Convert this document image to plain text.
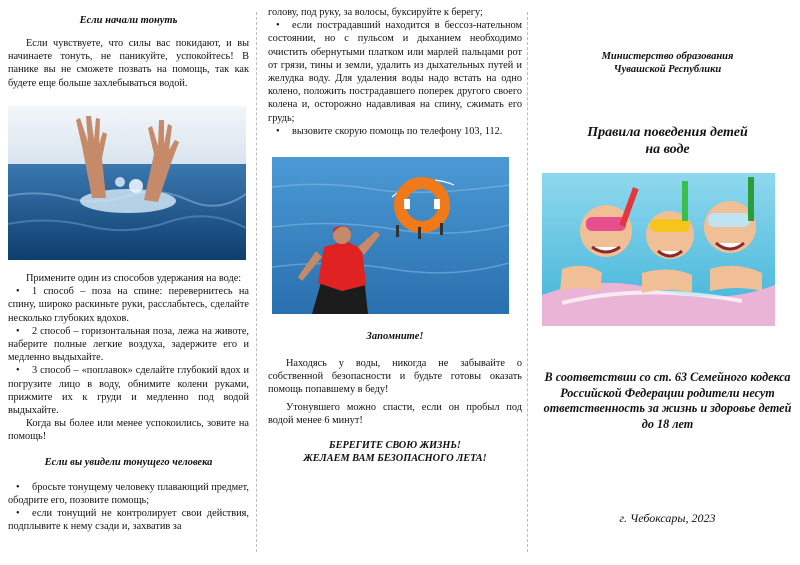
Если начали тонуть

Если чувствуете, что силы вас покидают, и вы начинаете тонуть, не паникуйте, успокойтесь! В панике вы не сможете позвать на помощь, так как будете еще больше захлебываться водой.

Примените один из способов удержания на воде:

• 1 способ – поза на спине: перевернитесь на спину, широко раскиньте руки, расслабьтесь, сделайте несколько глубоких вдохов.

• 2 способ – горизонтальная поза, лежа на животе, наберите полные легкие воздуха, задержите его и медленно выдыхайте.

• 3 способ – «поплавок» сделайте глубокий вдох и погрузите лицо в воду, обнимите колени руками, прижмите их к груди и медленно под водой выдыхайте.

Когда вы более или менее успокоились, зовите на помощь!

Если вы увидели тонущего человека

• бросьте тонущему человеку плавающий предмет, ободрите его, позовите помощь;

• если тонущий не контролирует свои действия, подплывите к нему сзади и, захватив за

голову, под руку, за волосы, буксируйте к берегу;

• если пострадавший находится в бессоз-нательном состоянии, но с пульсом и дыханием необходимо очистить обернутыми платком или марлей пальцами рот от грязи, тины и земли, удалить из дыхательных путей и желудка воду. Для удаления воды надо встать на одно колено, положить пострадавшего поперек другого своего колена и, осторожно надавливая на спину, сжимать его грудь;

• вызовите скорую помощь по телефону 103, 112.

Запомните!

Находясь у воды, никогда не забывайте о собственной безопасности и будьте готовы оказать помощь попавшему в беду!

Утонувшего можно спасти, если он пробыл под водой менее 6 минут!

БЕРЕГИТЕ СВОЮ ЖИЗНЬ!

ЖЕЛАЕМ ВАМ БЕЗОПАСНОГО ЛЕТА!

Министерство образования

Чувашской Республики

Правила поведения детей

на воде

В соответствии со ст. 63 Семейного кодекса Российской Федерации родители несут ответственность за жизнь и здоровье детей до 18 лет

г. Чебоксары, 2023
